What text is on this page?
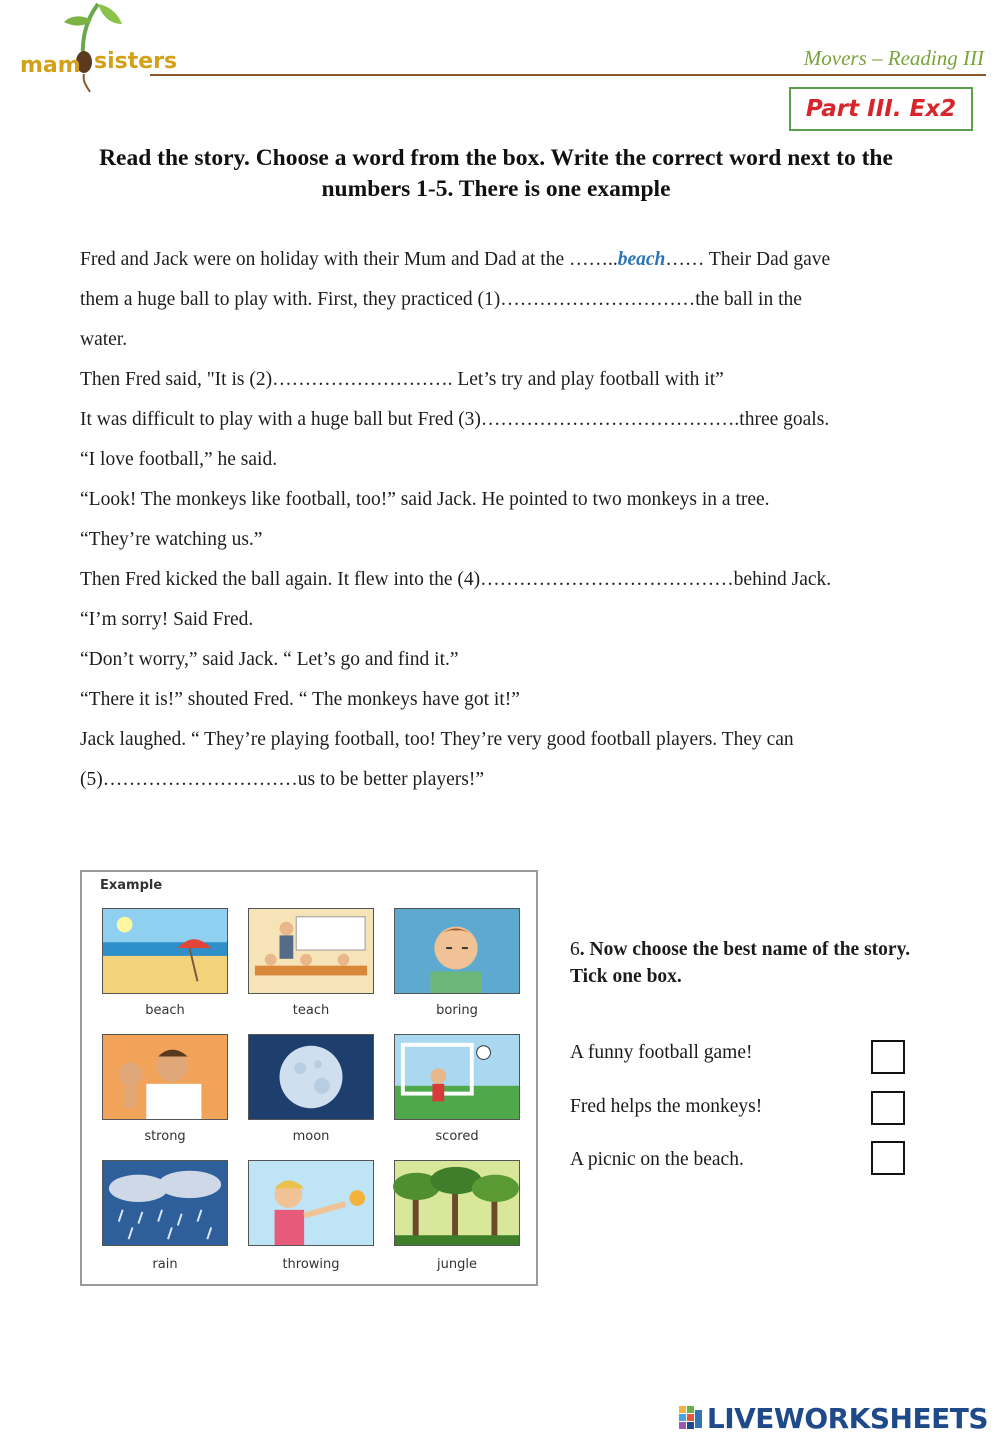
mam sisters	Movers – Reading III
Part III. Ex2
Read the story. Choose a word from the box. Write the correct word next to the numbers 1-5. There is one example

Fred and Jack were on holiday with their Mum and Dad at the ……..beach…… Their Dad gave

them a huge ball to play with. First, they practiced (1)…………………………the ball in the

water.

Then Fred said, "It is (2)………………………. Let’s try and play football with it”

It was difficult to play with a huge ball but Fred (3)………………………………….three goals.

“I love football,” he said.

“Look! The monkeys like football, too!” said Jack. He pointed to two monkeys in a tree.

“They’re watching us.”

Then Fred kicked the ball again. It flew into the (4)…………………………………behind Jack.

“I’m sorry! Said Fred.

“Don’t worry,” said Jack. “ Let’s go and find it.”

“There it is!” shouted Fred. “ The monkeys have got it!”

Jack laughed. “ They’re playing football, too! They’re very good football players. They can

(5)…………………………us to be better players!”

Example
beach	teach	boring
strong	moon	scored
rain	throwing	jungle
6. Now choose the best name of the story. Tick one box.
A funny football game!
Fred helps the monkeys!
A picnic on the beach.
LIVEWORKSHEETS
